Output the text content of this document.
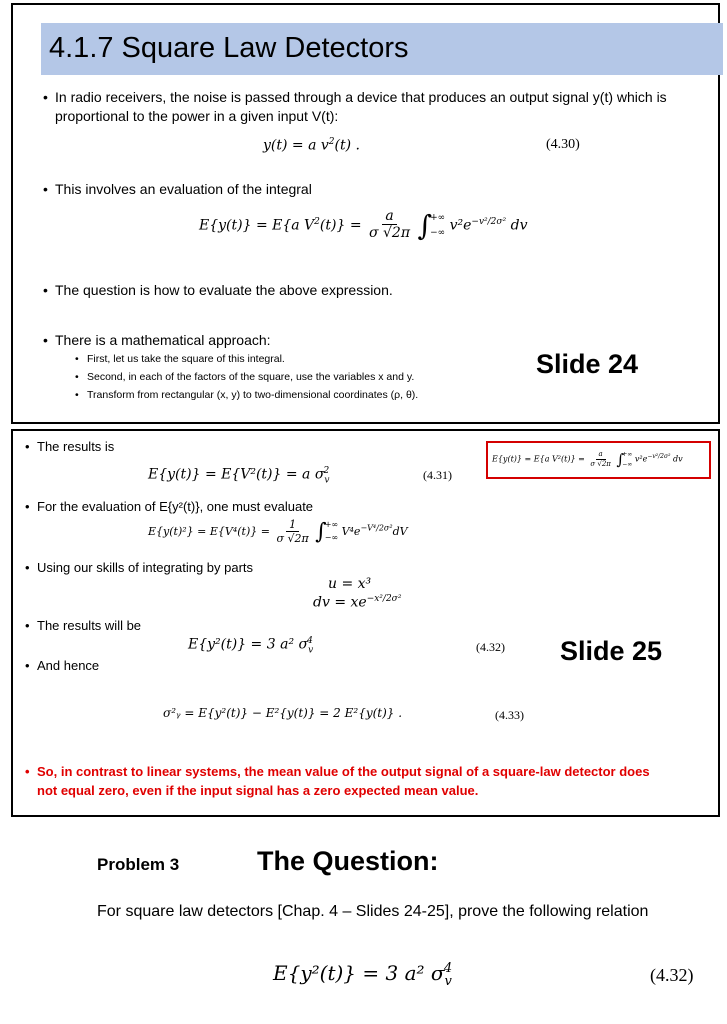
4.1.7 Square Law Detectors
• In radio receivers, the noise is passed through a device that produces an output signal y(t) which is
proportional to the power in a given input V(t):
y(t) = a $v^2(t)$ .	(4.30)
• This involves an evaluation of the integral
E{y(t)} = E{a $V^2(t)\} = \frac{a}{\sigma √2\pi}$ ∫
+∞
−∞ $v^2e^{-v^2/2\sigma^2}$ dv
• The question is how to evaluate the above expression.
• There is a mathematical approach:
• First, let us take the square of this integral.
• Second, in each of the factors of the square, use the variables x and y.
• Transform from rectangular (x, y) to two-dimensional coordinates (ρ, θ).
Slide 24
E{y(t)} = E{a $V^2(t)\} = \frac{a}{\sigma √2\pi}$ ∫
+∞
−∞
$v^2e^{-v^2/2\sigma^2}$ dv
• The results is
E{y(t)} = E{V²(t)} = a $\sigma_v^2$	(4.31)
• For the evaluation of E{y²(t)}, one must evaluate
$E\{y(t)^2\} = E\{V^4(t)\} = \frac{1}{\sigma √2\pi}$ ∫
+∞
−∞ $V^4e^{-V^4/2\sigma^2}dV$
• Using our skills of integrating by parts
u = x³
dv = $xe^{-x^2/2\sigma^2}$
• The results will be
E{y²(t)} = 3 a² $\sigma_v^4$	(4.32) Slide 25
• And hence
σ²ᵧ = E{y²(t)} − E²{y(t)} = 2 E²{y(t)} .	(4.33)
• So, in contrast to linear systems, the mean value of the output signal of a square-law detector does
not equal zero, even if the input signal has a zero expected mean value.
Problem 3	The Question:
For square law detectors [Chap. 4 – Slides 24-25], prove the following relation
E{y²(t)} = 3 a² $\sigma_v^4$	(4.32)
